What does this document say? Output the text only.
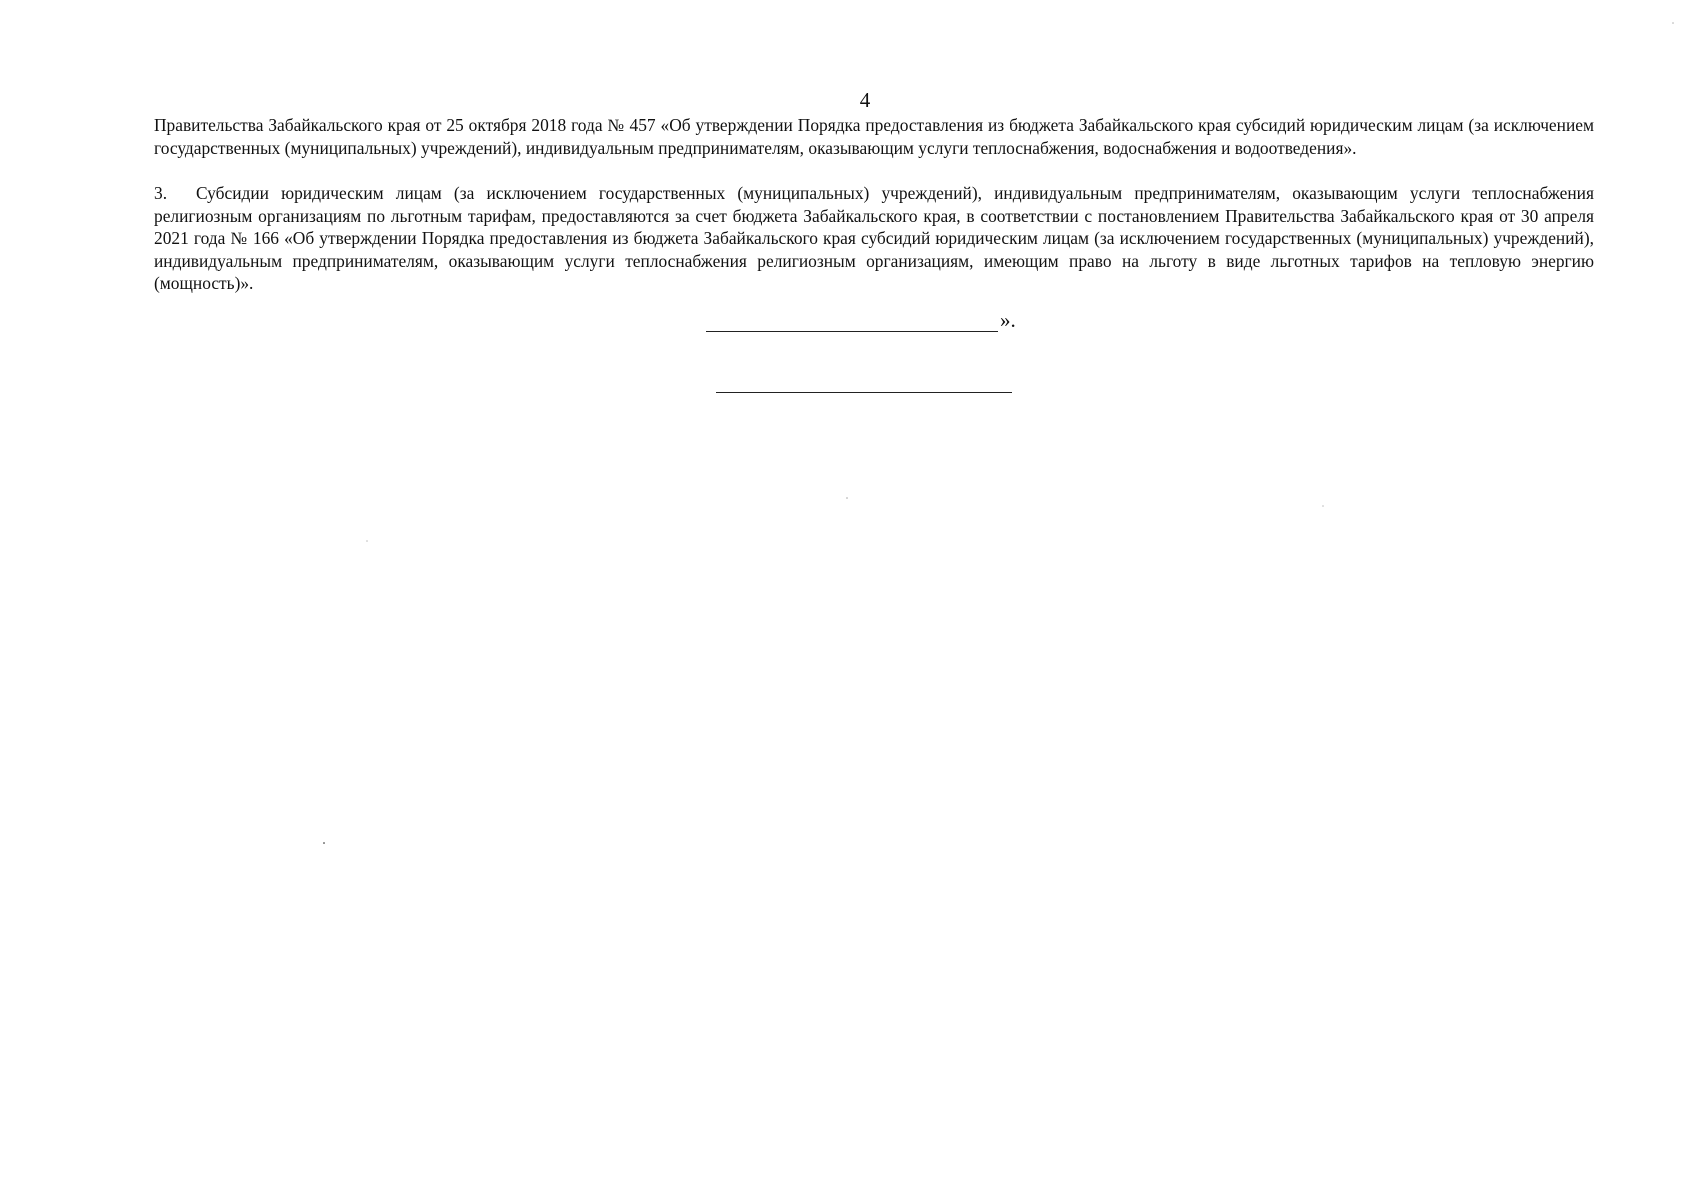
4
Правительства Забайкальского края от 25 октября 2018 года № 457 «Об утверждении Порядка предоставления из бюджета Забайкальского края субсидий юридическим лицам (за исключением государственных (муниципальных) учреждений), индивидуальным предпринимателям, оказывающим услуги теплоснабжения, водоснабжения и водоотведения».
3. Субсидии юридическим лицам (за исключением государственных (муниципальных) учреждений), индивидуальным предпринимателям, оказывающим услуги теплоснабжения религиозным организациям по льготным тарифам, предоставляются за счет бюджета Забайкальского края, в соответствии с постановлением Правительства Забайкальского края от 30 апреля 2021 года № 166 «Об утверждении Порядка предоставления из бюджета Забайкальского края субсидий юридическим лицам (за исключением государственных (муниципальных) учреждений), индивидуальным предпринимателям, оказывающим услуги теплоснабжения религиозным организациям, имеющим право на льготу в виде льготных тарифов на тепловую энергию (мощность)».
».
